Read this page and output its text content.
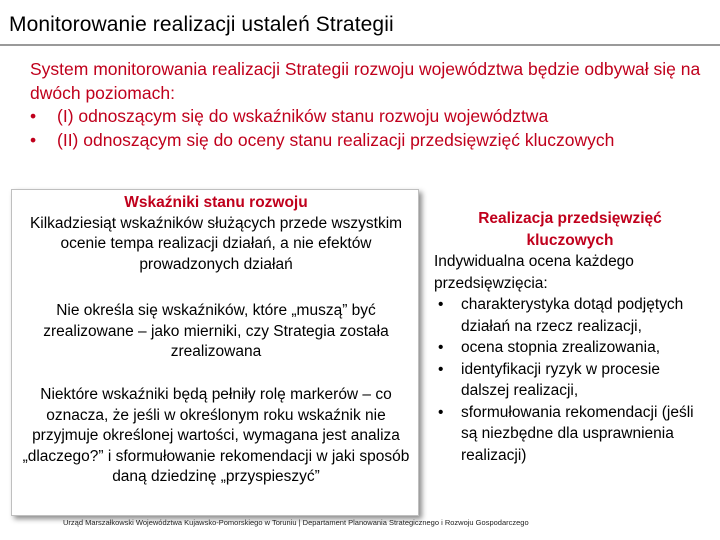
Monitorowanie realizacji ustaleń Strategii

System monitorowania realizacji Strategii rozwoju województwa będzie odbywał się na dwóch poziomach:

• (I) odnoszącym się do wskaźników stanu rozwoju województwa
• (II) odnoszącym się do oceny stanu realizacji przedsięwzięć kluczowych

Wskaźniki stanu rozwoju

Kilkadziesiąt wskaźników służących przede wszystkim ocenie tempa realizacji działań, a nie efektów prowadzonych działań

Nie określa się wskaźników, które „muszą” być zrealizowane – jako mierniki, czy Strategia została zrealizowana

Niektóre wskaźniki będą pełniły rolę markerów – co oznacza, że jeśli w określonym roku wskaźnik nie przyjmuje określonej wartości, wymagana jest analiza „dlaczego?” i sformułowanie rekomendacji w jaki sposób daną dziedzinę „przyspieszyć”

Realizacja przedsięwzięć kluczowych

Indywidualna ocena każdego przedsięwzięcia:

• charakterystyka dotąd podjętych działań na rzecz realizacji,
• ocena stopnia zrealizowania,
• identyfikacji ryzyk w procesie dalszej realizacji,
• sformułowania rekomendacji (jeśli są niezbędne dla usprawnienia realizacji)
Urząd Marszałkowski Województwa Kujawsko-Pomorskiego w Toruniu | Departament Planowania Strategicznego i Rozwoju Gospodarczego
